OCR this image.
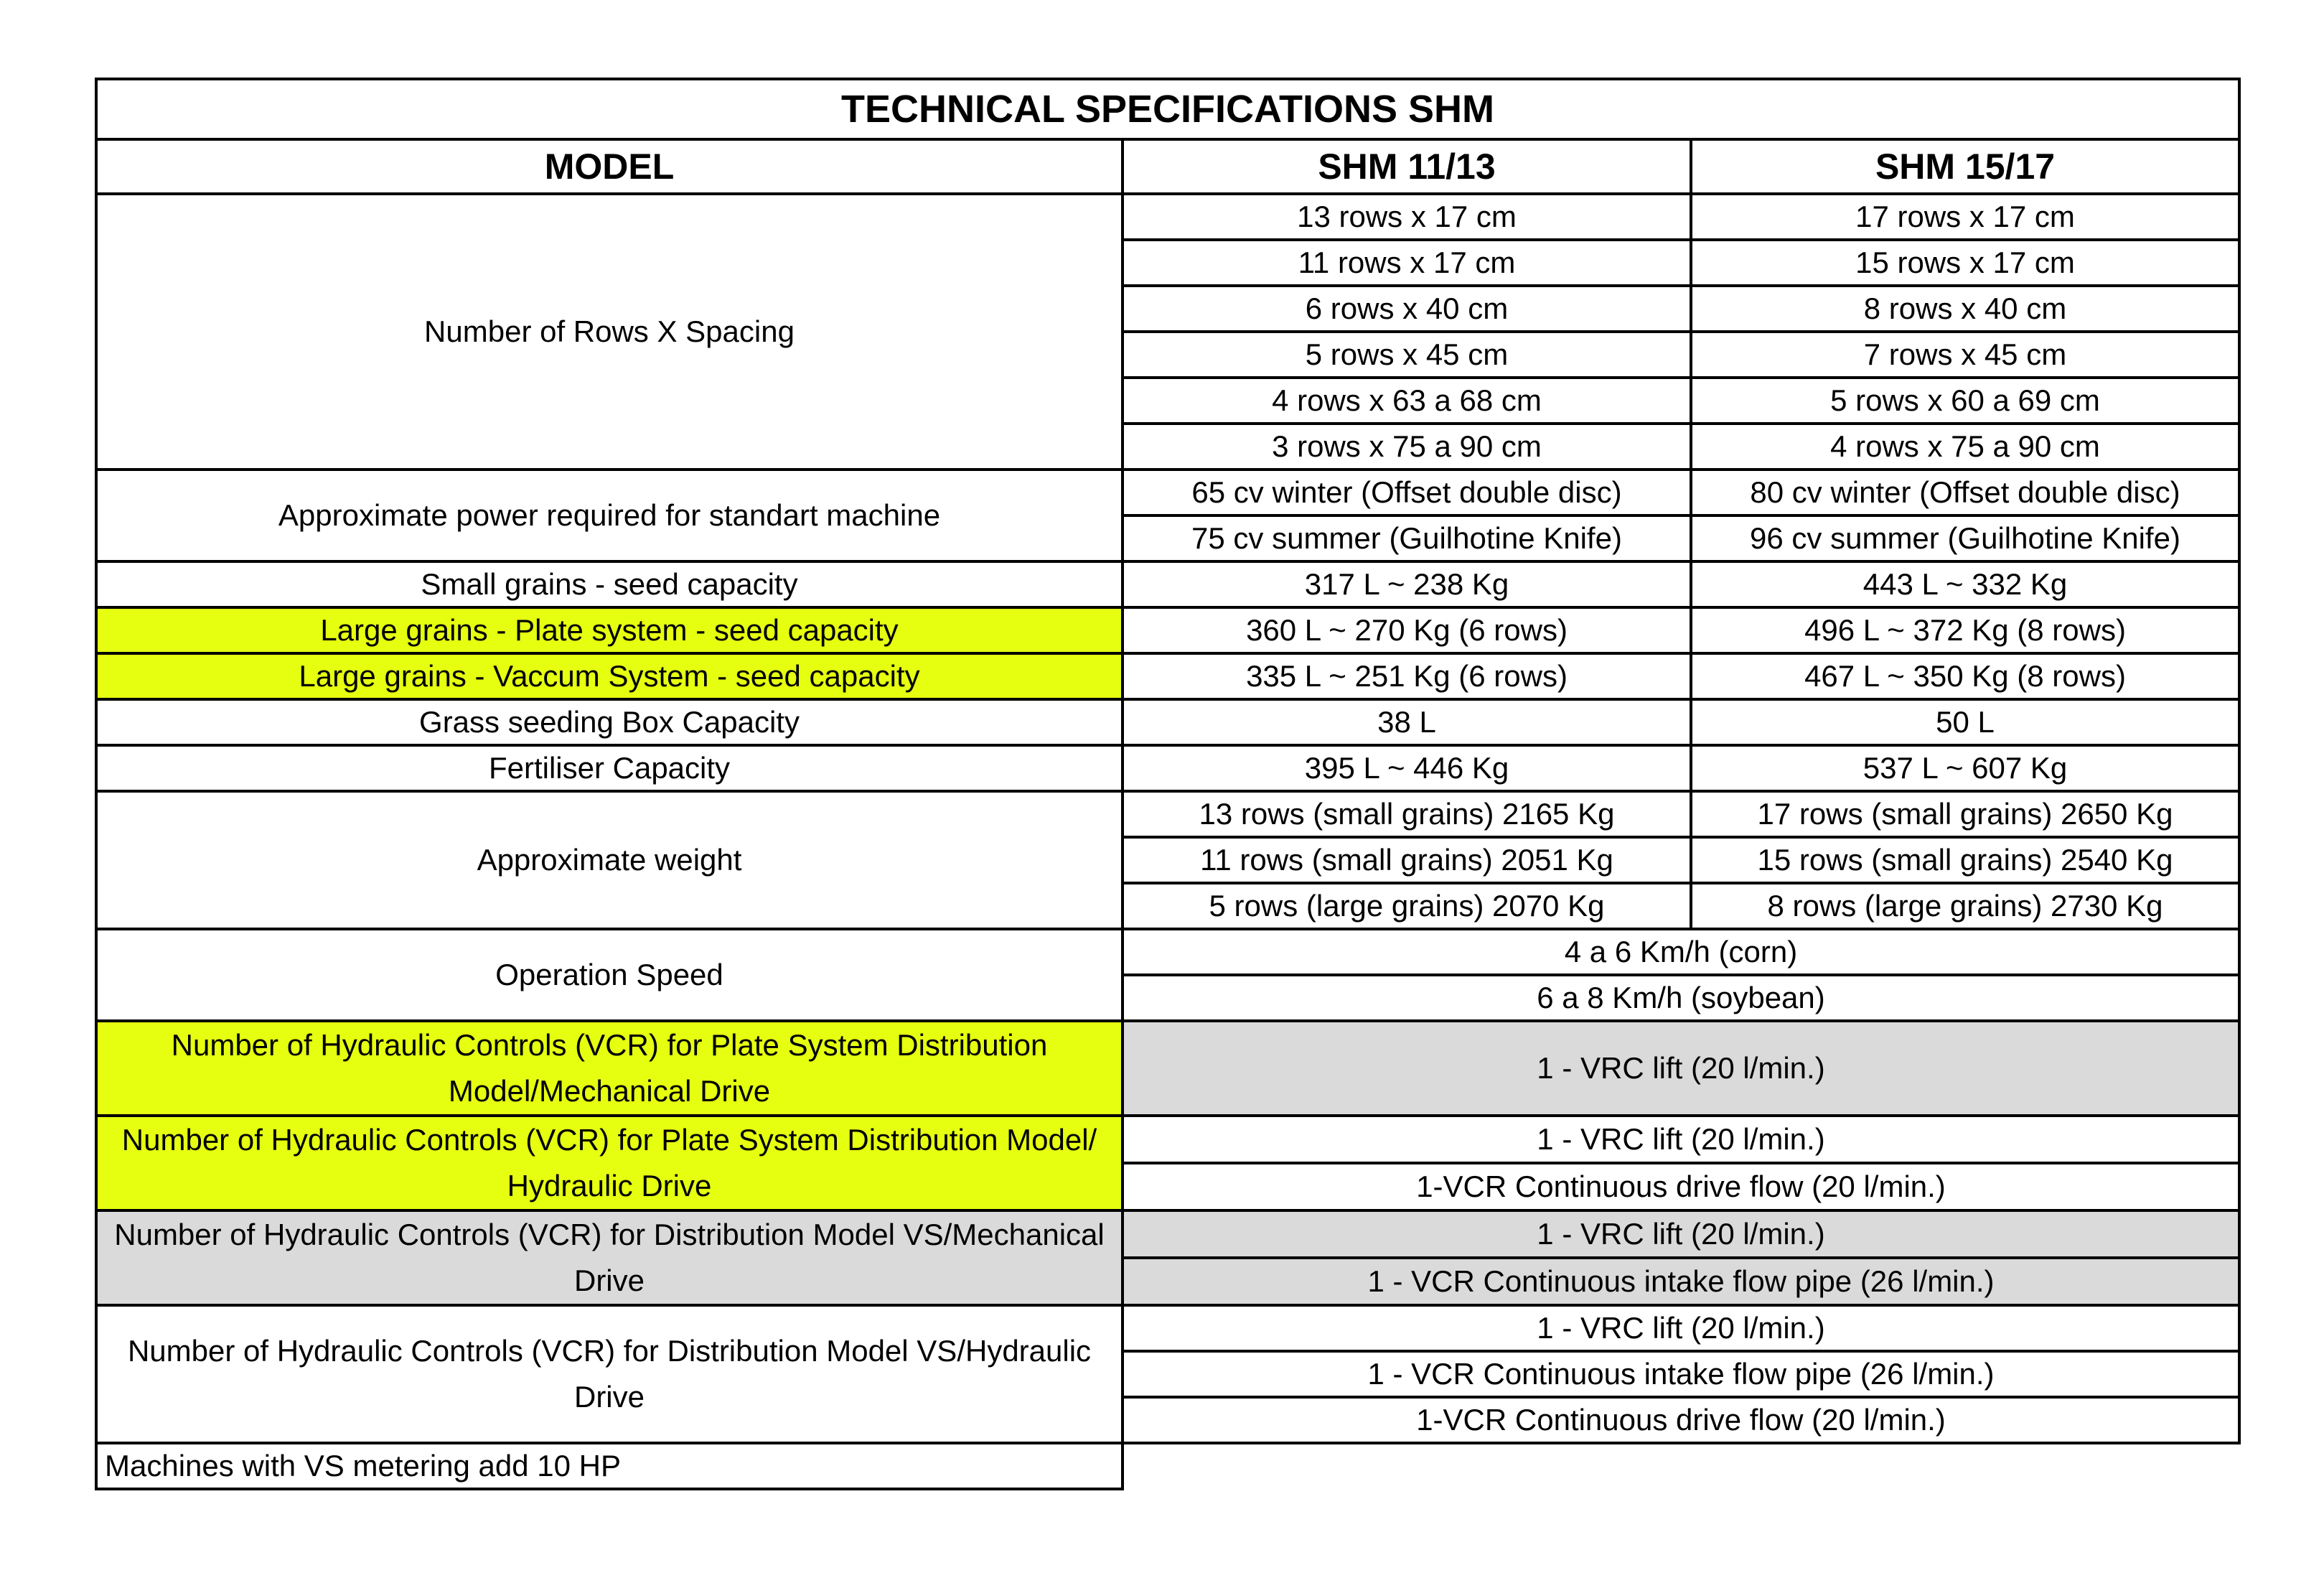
TECHNICAL SPECIFICATIONS SHM		
MODEL	SHM 11/13	SHM 15/17
Number of Rows X Spacing	13 rows x 17 cm	17 rows x 17 cm
	11 rows x 17 cm	15 rows x 17 cm
	6 rows x 40 cm	8 rows x 40 cm
	5 rows x 45 cm	7 rows x 45 cm
	4 rows x 63 a 68 cm	5 rows x 60 a 69 cm
	3 rows x 75 a 90 cm	4 rows x 75 a 90 cm
Approximate power required for standart machine	65 cv winter (Offset double disc)	80 cv winter (Offset double disc)
	75 cv summer (Guilhotine Knife)	96 cv summer (Guilhotine Knife)
Small grains - seed capacity	317 L ~ 238 Kg	443 L ~ 332 Kg
Large grains - Plate system - seed capacity	360 L ~ 270 Kg (6 rows)	496 L ~ 372 Kg (8 rows)
Large grains - Vaccum System - seed capacity	335 L ~ 251 Kg (6 rows)	467 L ~ 350 Kg (8 rows)
Grass seeding Box Capacity	38 L	50 L
Fertiliser Capacity	395 L ~ 446 Kg	537 L ~ 607 Kg
Approximate weight	13 rows (small grains) 2165 Kg	17 rows (small grains) 2650 Kg
	11 rows (small grains) 2051 Kg	15 rows (small grains) 2540 Kg
	5 rows (large grains) 2070 Kg	8 rows (large grains) 2730 Kg
Operation Speed	4 a 6 Km/h (corn)	
	6 a 8 Km/h (soybean)	
Number of Hydraulic Controls (VCR) for Plate System Distribution Model/Mechanical Drive	1 - VRC lift (20 l/min.)	
Number of Hydraulic Controls (VCR) for Plate System Distribution Model/ Hydraulic Drive	1 - VRC lift (20 l/min.)	
	1-VCR Continuous drive flow (20 l/min.)	
Number of Hydraulic Controls (VCR) for Distribution Model VS/Mechanical Drive	1 - VRC lift (20 l/min.)	
	1 - VCR Continuous intake flow pipe (26 l/min.)	
Number of Hydraulic Controls (VCR) for Distribution Model VS/Hydraulic Drive	1 - VRC lift (20 l/min.)	
	1 - VCR Continuous intake flow pipe (26 l/min.)	
	1-VCR Continuous drive flow (20 l/min.)	
Machines with VS metering add 10 HP		
